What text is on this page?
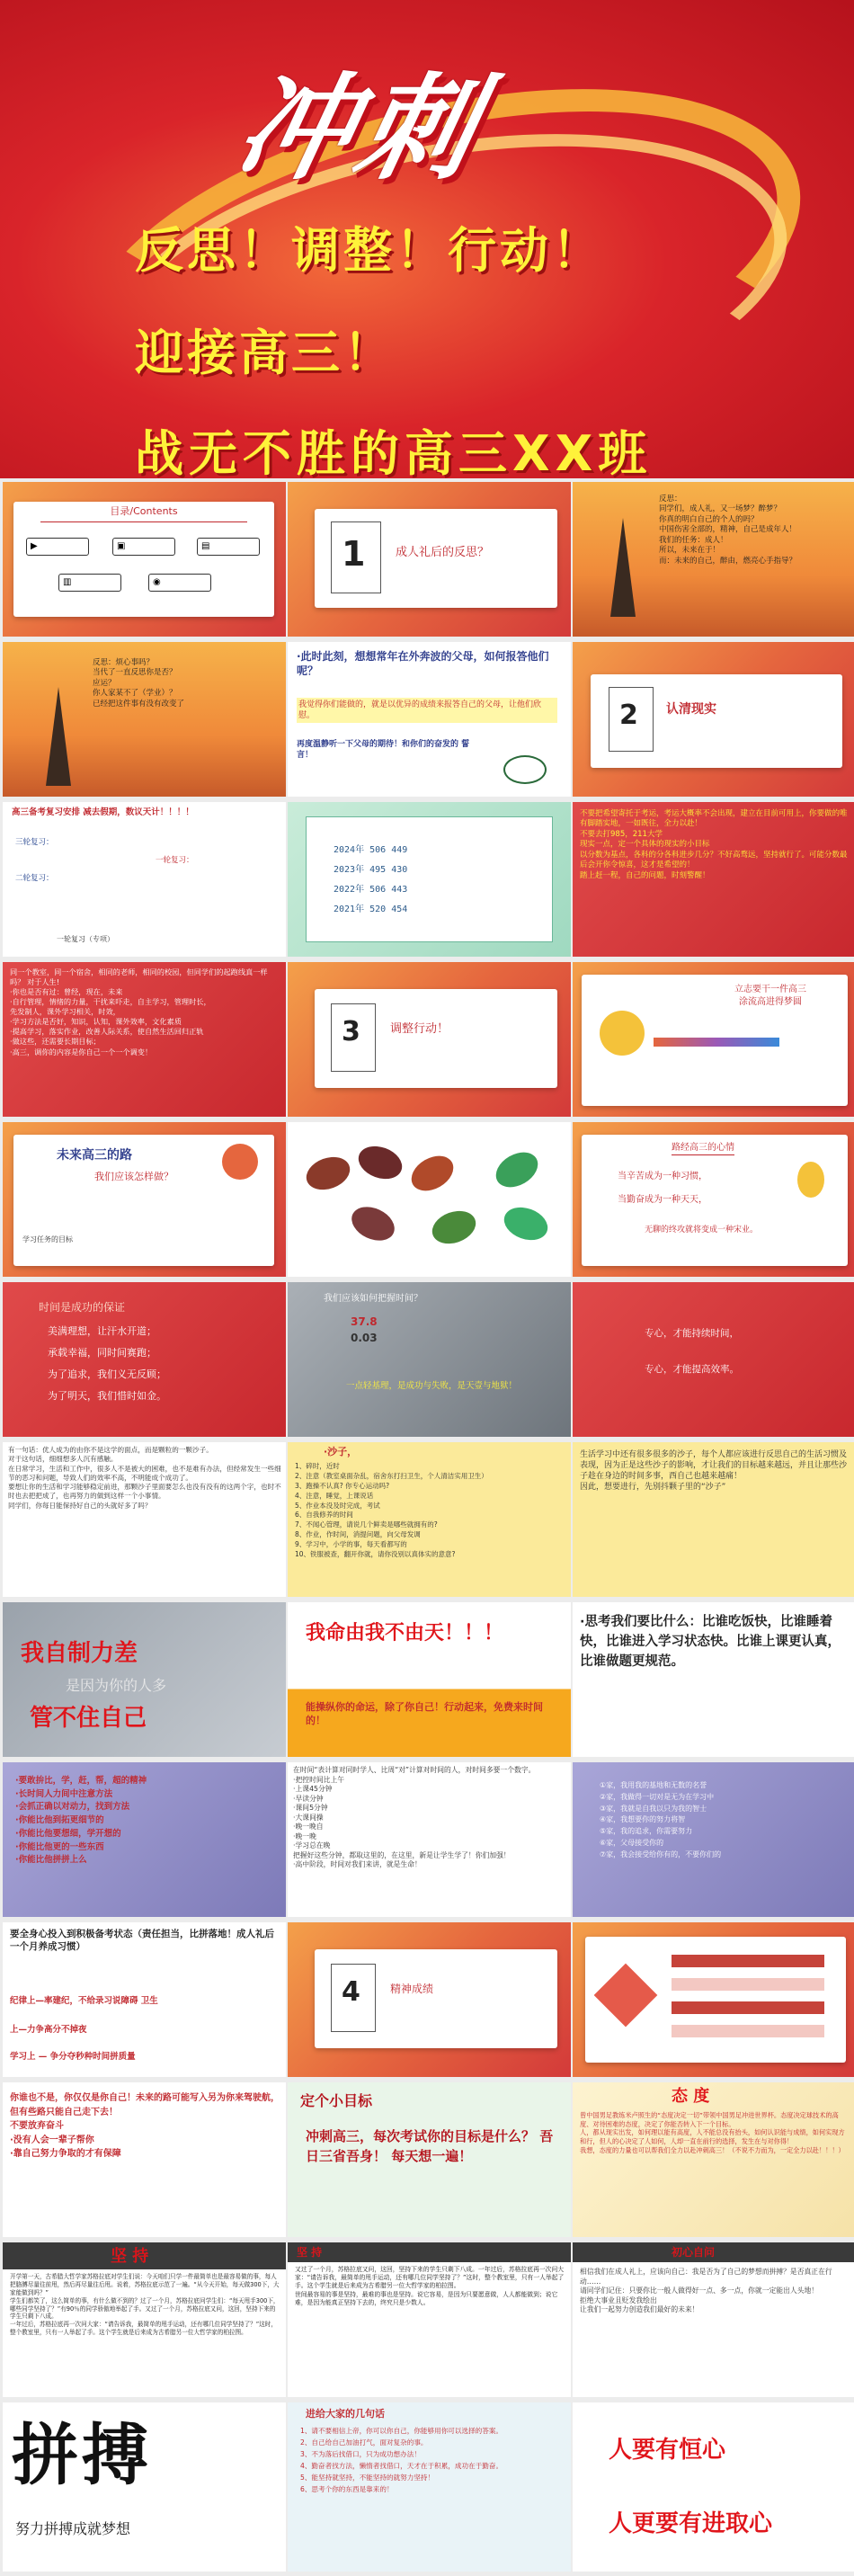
冲刺
反思！调整！行动！
迎接高三！
战无不胜的高三XX班
目录/Contents
▶	▣	▤
▥	◉
1	成人礼后的反思？
反思：
同学们，成人礼，又一场梦？醉梦？
你真的明白自己的个人的吗？
中国伤害全部的，精神，自己是成年人！
我们的任务：成人！
所以，未来在于！
而：未来的自己，醉由，燃亮心手指导？
反思：烦心事吗？
当代了一直反思你是否？
应运？
你人家某不了（学业）？
已经把这件事有没有改变了
·此时此刻，想想常年在外奔波的父母，如何报答他们呢？
我觉得你们能做的，就是以优异的成绩来报答自己的父母，让他们欣慰。
再度温静听一下父母的期待！和你们的奋发的 誓言！
2 认清现实
高三备考复习安排 减去假期，数议天计！！！！
三轮复习：
二轮复习：
一轮复习：
一轮复习（专项）
2024年 506 449
2023年 495 430
2022年 506 443
2021年 520 454
不要把希望寄托于考运，考运大概率不会出现，建立在目前可用上，你要做的唯有脚踏实地，一如既往，全力以赴！
不要去打985，211大学
现实一点，定一个具体的现实的小目标
以分数为基点，各科的分各科进步几分？不好高骛远，坚持就行了。可能分数最后会开你令惊喜，这才是希望的！
踏上赶一程，自己的问题，时刻警醒！
同一个教室，同一个宿舍，相同的老师，相同的校园，但同学们的起跑线真一样吗？ 对于人生!
·你也是否有过：曾经，现在，未来
·自行管理，情绪的力量，干扰来吓走，自主学习，管理时长，
先发制人，课外学习相关，时效，
·学习方法是否好，知识，认知，课外效率，文化素质
·提高学习，落实作业，改善人际关系，使自然生活回归正轨
·做这些，还需要长期目标；
·高三，调你的内容是你自己一个一个调变！
3	调整行动！
立志要干一件高三
涂流高进得梦圆
未来高三的路
我们应该怎样做？
学习任务的目标
路经高三的心情
当辛苦成为一种习惯，
当勤奋成为一种天天，
无聊的终攻就将变成一种宋业。
时间是成功的保证
美满理想，让汗水开道；
承载幸福，同时间赛跑；
为了追求，我们义无反顾；
为了明天，我们惜时如金。
我们应该如何把握时间？
37.8
0.03
一点轻基理，是成功与失败，是天壹与地狱！
专心，才能持续时间，
专心，才能提高效率。
有一句话：优人成为的由你不是这学的面点，而是颗粒的一颗沙子。
对于这句话，细细想多人沉有感触。
在日常学习，生活和工作中，很多人不是被大的困难，也不是难有办法，但经常发生一些细节的恶习和问题，导致人们的效率不高，不明能成个成功了。
要想让你的生活和学习能够稳定前进，那颗沙子里面要怎么也没有没有的这两个字，也时不时也去把把成了，也再努力的做到这样一个小事情。
同学们，你每日能保持好自己的头就好多了吗？
·沙子，
1、碎时，近时
2、注意（教室桌面杂乱，宿舍东打扫卫生，个人清洁实用卫生）
3、跑操不认真? 你专心运动吗?
4、注意，睡觉，上课说话
5、作业本没及时完成，考试
6、自我修养的时间
7、不闻心管理，请说几个鲜卖是哪些就拥有的?
8、作业，作时间，消提问题，向父母发调
9、学习中，小学的事，每天看都写的
10、铁服被查，翻开你就，请你没别以真体实的意意?
生活学习中还有很多很多的沙子，每个人都应该进行反思自己的生活习惯及表现，因为正是这些沙子的影响，才让我们的目标越来越远，并且让那些沙子趁在身边的时间多事，西自己也越来越痛！
因此，想要进行，先别抖颗子里的“沙子”
我自制力差
是因为你的人多
管不住自己
我命由我不由天！！！
能操纵你的命运，除了你自己！行动起来，免费来时间的！
·思考我们要比什么：比谁吃饭快，比谁睡着快，比谁进入学习状态快。比谁上课更认真，比谁做题更规范。
·要敢拚比，学，赶，帮，超的精神
·长时间人力间中注意方法
·会抓正确以对动力，找到方法
·你能比他到拓更细节的
·你能比他要想细，学开想的
·你能比他更的一些东西
·你能比他拼拼上么
在时间“表计算对同时学人、比周“对”计算对时间的人，对时间多要一个数字。
·把控时间比上午
·上课45分钟
·早读分钟
·课间5分钟
·大课间操
·晚一晚自
·晚一晚
·学习总在晚
把握好这些分钟，都取这里的，在这里，新是让学生学了！你们加强！
·高中阶段，时间对我们来讲，就是生命！
①家，我用我的基地和无数的名誉
②家，我做得一切对是无为在学习中
③家，我就是自我以只为我的智士
④家，我想要你的努力将智
⑤家，我的追求，你需要努力
⑥家，父母接受你的
⑦家，我会接受给你有的，不要你们的
要全身心投入到积极备考状态（责任担当，比拼落地！成人礼后一个月养成习惯）
纪律上—率建纪，不给录习说障碍 卫生
上—力争高分不掉夜
学习上 — 争分夺秒种时间拼质量
4	精神成绩
你谁也不是，你仅仅是你自己！未来的路可能写入另为你来驾驶航，但有些路只能自己走下去！
不要放弃奋斗
·没有人会一辈子帮你
·靠自己努力争取的才有保障
定个小目标
冲刺高三，每次考试你的目标是什么？ 吾日三省吾身！ 每天想一遍！
态 度
曾中国男足教练米卢照生的“态度决定一切”带领中国男足冲进世界杯。态度决定球技术的高度、对待困难的态度，决定了你能否转入下一个目标。
人，都从现实出发，如何理以能有高度，人不能总没有抬头，如何认识能与成绩，如何实现方和行，但人的心决定了人如何，人却一直在前行的选择，发生在与对你得！
我想，态度的力量也可以帮我们全力以赴冲刺高三！（不说不力而为，一定全力以赴！！！）
坚 持
开学第一天，古希腊大哲学家苏格拉底对学生们说：今天咱们只学一件最简单也是最容易做的事，每人把胳膊尽量往前甩，然后再尽量往后甩。说着，苏格拉底示范了一遍。“从今天开始，每天做300下，大家能做到吗？”
学生们都笑了，这么简单的事，有什么做不到的？过了一个月，苏格拉底问学生们：“每天甩手300下，哪些同学坚持了？”有90％的同学骄傲地举起了手。又过了一个月，苏格拉底又问，这回，坚持下来的学生只剩下八成。
一年过后，苏格拉底再一次问大家：“请告诉我，最简单的甩手运动，还有哪几位同学坚持了？”这时，整个教室里，只有一人举起了手。这个学生就是后来成为古希腊另一位大哲学家的柏拉图。
坚 持
又过了一个月，苏格拉底又问，这回，坚持下来的学生只剩下八成。一年过后，苏格拉底再一次问大家：“请告诉我，最简单的甩手运动，还有哪几位同学坚持了？”这时，整个教室里，只有一人举起了手。这个学生就是后来成为古希腊另一位大哲学家的柏拉图。
世间最容易的事是坚持，最难的事也是坚持。说它容易，是因为只要愿意做，人人都能做到；说它难，是因为能真正坚持下去的，终究只是少数人。
初心自问
相信我们在成人礼上，应该向自己：我是否为了自己的梦想而拼搏？是否真正在行动……
请同学们记住：只要你比一般人做得好一点、多一点，你就一定能出人头地！
拒绝大事业且贬发我绘出
让我们一起努力创造我们最好的未来！
拼搏
努力拼搏成就梦想
进给大家的几句话
1、请不要相信上帝，你可以你自己，你能够用你可以选择的答案。
2、自己给自己加油打气，面对复杂的事。
3、不为落后找借口，只为成功想办法！
4、勤奋者找方法，懒惰者找借口，天才在于积累，成功在于勤奋。
5、能坚持就坚持，不能坚持的就努力坚持！
6、思考个你的东西是靠来的！
人要有恒心
人更要有进取心
